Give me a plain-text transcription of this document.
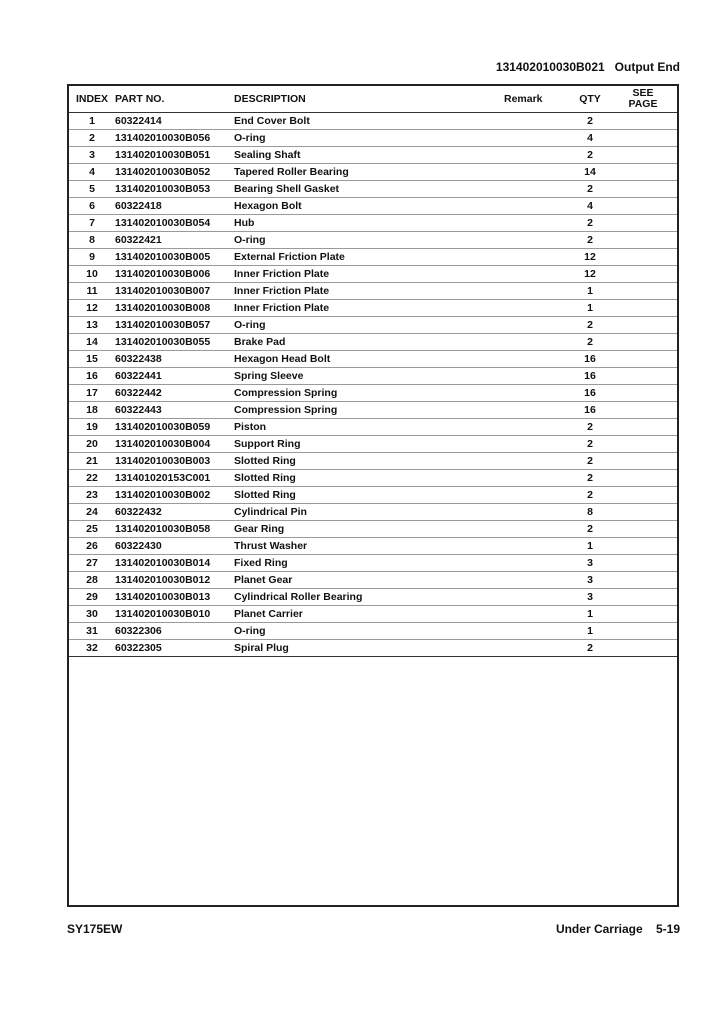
131402010030B021   Output End
INDEX	PART NO.	DESCRIPTION	Remark	QTY	SEE
PAGE

1	60322414	End Cover Bolt		2	
2	131402010030B056	O-ring		4	
3	131402010030B051	Sealing Shaft		2	
4	131402010030B052	Tapered Roller Bearing		14	
5	131402010030B053	Bearing Shell Gasket		2	
6	60322418	Hexagon Bolt		4	
7	131402010030B054	Hub		2	
8	60322421	O-ring		2	
9	131402010030B005	External Friction Plate		12	
10	131402010030B006	Inner Friction Plate		12	
11	131402010030B007	Inner Friction Plate		1	
12	131402010030B008	Inner Friction Plate		1	
13	131402010030B057	O-ring		2	
14	131402010030B055	Brake Pad		2	
15	60322438	Hexagon Head Bolt		16	
16	60322441	Spring Sleeve		16	
17	60322442	Compression Spring		16	
18	60322443	Compression Spring		16	
19	131402010030B059	Piston		2	
20	131402010030B004	Support Ring		2	
21	131402010030B003	Slotted Ring		2	
22	131401020153C001	Slotted Ring		2	
23	131402010030B002	Slotted Ring		2	
24	60322432	Cylindrical Pin		8	
25	131402010030B058	Gear Ring		2	
26	60322430	Thrust Washer		1	
27	131402010030B014	Fixed Ring		3	
28	131402010030B012	Planet Gear		3	
29	131402010030B013	Cylindrical Roller Bearing		3	
30	131402010030B010	Planet Carrier		1	
31	60322306	O-ring		1	
32	60322305	Spiral Plug		2	
SY175EW	Under Carriage    5-19
